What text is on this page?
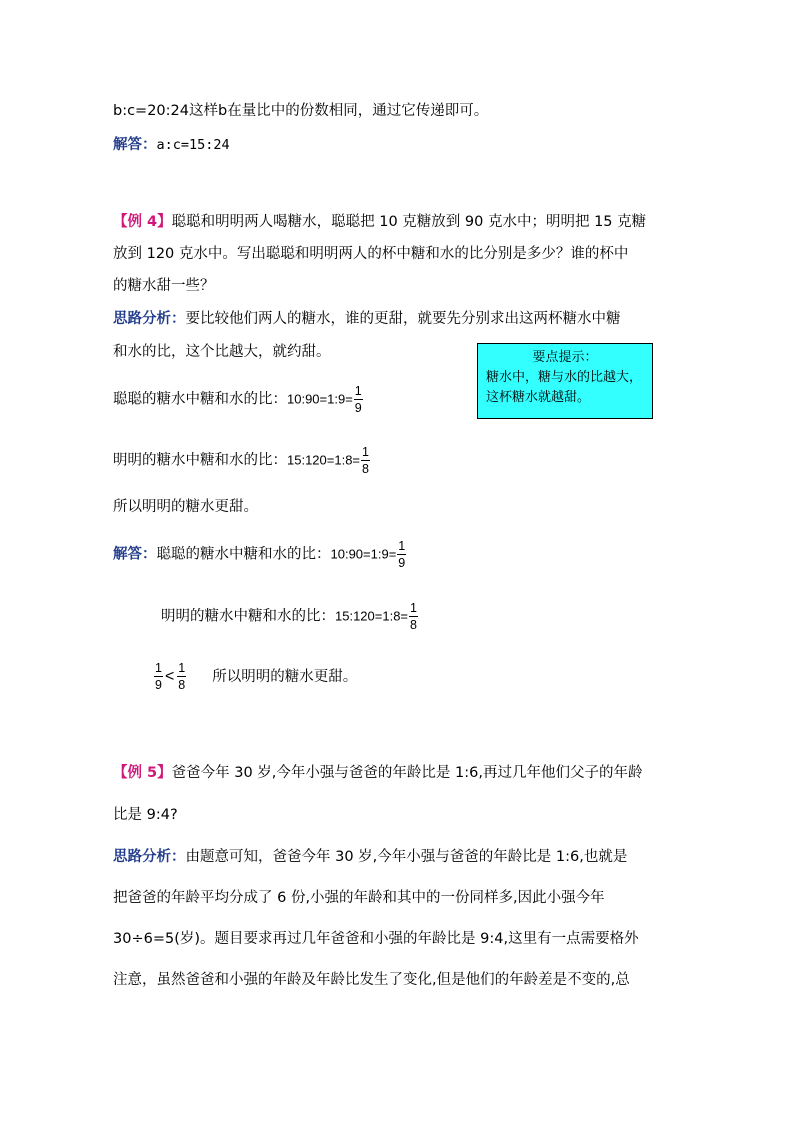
b:c=20:24这样b在量比中的份数相同，通过它传递即可。
解答：a:c=15:24
【例 4】聪聪和明明两人喝糖水，聪聪把 10 克糖放到 90 克水中；明明把 15 克糖
放到 120 克水中。写出聪聪和明明两人的杯中糖和水的比分别是多少？谁的杯中
的糖水甜一些？
思路分析：要比较他们两人的糖水，谁的更甜，就要先分别求出这两杯糖水中糖
和水的比，这个比越大，就约甜。	要点提示：
糖水中，糖与水的比越大，
这杯糖水就越甜。
聪聪的糖水中糖和水的比：10:90=1:9= $\frac{1}{9}$
明明的糖水中糖和水的比：15:120=1:8= $\frac{1}{8}$
所以明明的糖水更甜。
解答：聪聪的糖水中糖和水的比：10:90=1:9= $\frac{1}{9}$
明明的糖水中糖和水的比：15:120=1:8= $\frac{1}{8}$
$\frac{1}{9} < \frac{1}{8}$ 所以明明的糖水更甜。
【例 5】爸爸今年 30 岁,今年小强与爸爸的年龄比是 1:6,再过几年他们父子的年龄
比是 9:4?
思路分析：由题意可知，爸爸今年 30 岁,今年小强与爸爸的年龄比是 1:6,也就是
把爸爸的年龄平均分成了 6 份,小强的年龄和其中的一份同样多,因此小强今年
30÷6=5(岁)。题目要求再过几年爸爸和小强的年龄比是 9:4,这里有一点需要格外
注意，虽然爸爸和小强的年龄及年龄比发生了变化,但是他们的年龄差是不变的,总
